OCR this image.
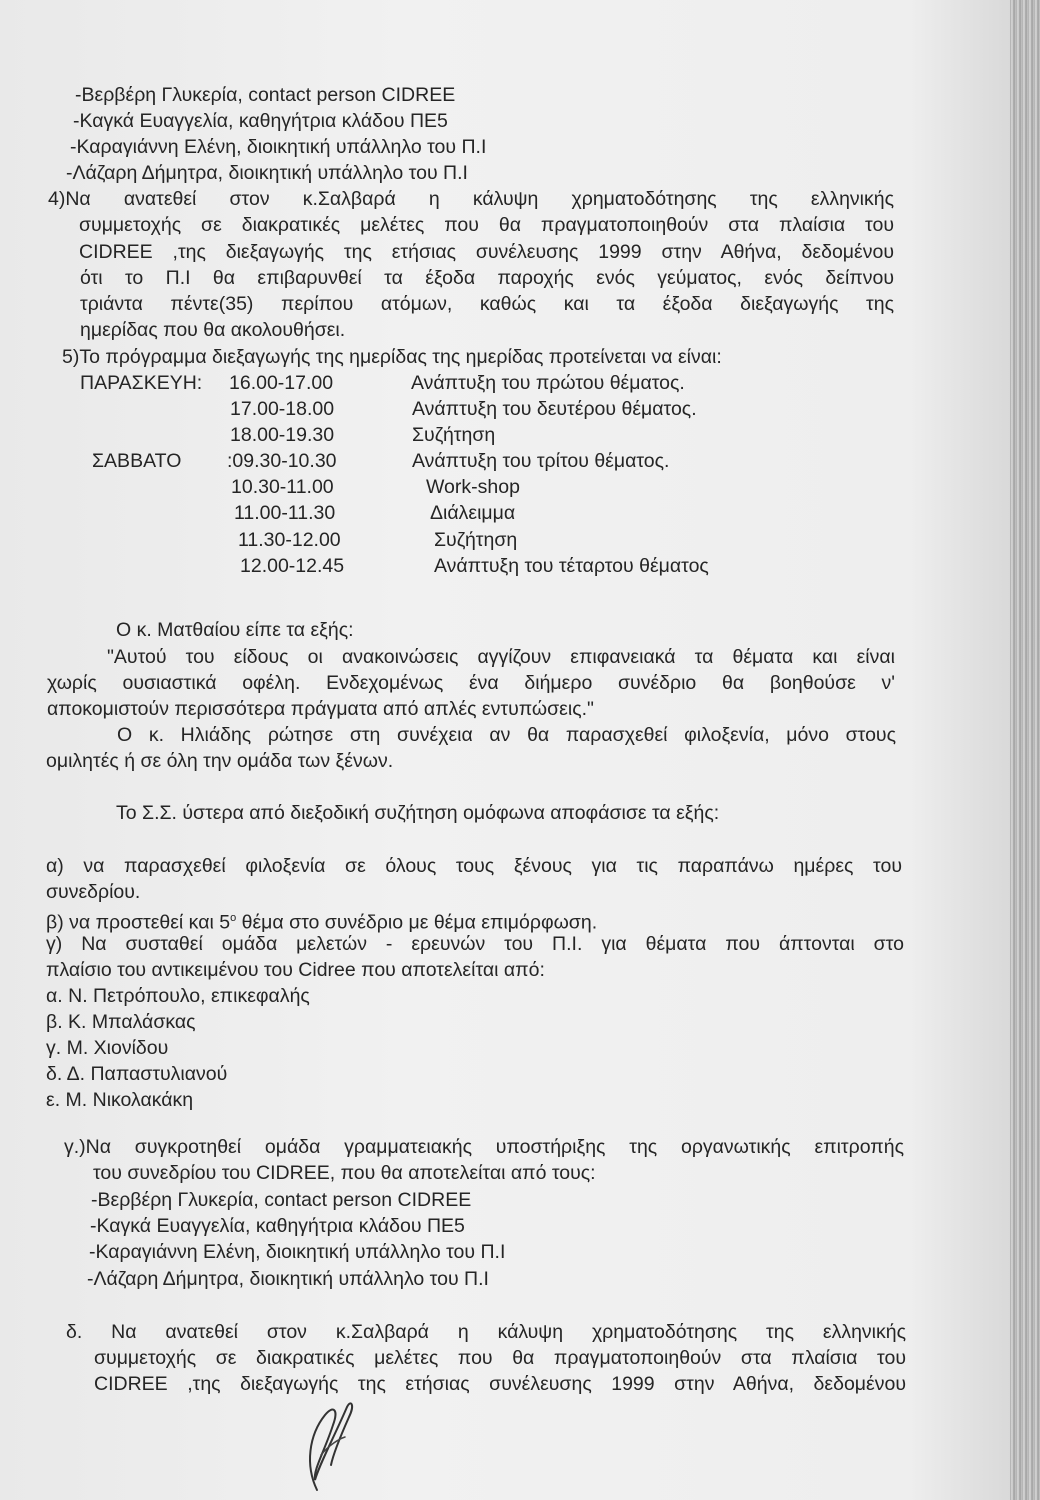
-Βερβέρη Γλυκερία, contact person CIDREE
-Καγκά Ευαγγελία, καθηγήτρια κλάδου ΠΕ5
-Καραγιάννη Ελένη, διοικητική υπάλληλο του Π.Ι
-Λάζαρη Δήμητρα, διοικητική υπάλληλο του Π.Ι
4)Να ανατεθεί στον κ.Σαλβαρά η κάλυψη χρηματοδότησης της ελληνικής
συμμετοχής σε διακρατικές μελέτες που θα πραγματοποιηθούν στα πλαίσια του
CIDREE ,της διεξαγωγής της ετήσιας συνέλευσης 1999 στην Αθήνα, δεδομένου
ότι το Π.Ι θα επιβαρυνθεί τα έξοδα παροχής ενός γεύματος, ενός δείπνου
τριάντα πέντε(35) περίπου ατόμων, καθώς και τα έξοδα διεξαγωγής της
ημερίδας που θα ακολουθήσει.
5)Το πρόγραμμα διεξαγωγής της ημερίδας της ημερίδας προτείνεται να είναι:
ΠΑΡΑΣΚΕΥΗ: 16.00-17.00	Ανάπτυξη του πρώτου θέματος.
17.00-18.00	Ανάπτυξη του δευτέρου θέματος.
18.00-19.30	Συζήτηση
ΣΑΒΒΑΤΟ :09.30-10.30	Ανάπτυξη του τρίτου θέματος.
10.30-11.00	Work-shop
11.00-11.30	Διάλειμμα
11.30-12.00	Συζήτηση
12.00-12.45	Ανάπτυξη του τέταρτου θέματος
Ο κ. Ματθαίου είπε τα εξής:
"Αυτού του είδους οι ανακοινώσεις αγγίζουν επιφανειακά τα θέματα και είναι
χωρίς ουσιαστικά οφέλη. Ενδεχομένως ένα διήμερο συνέδριο θα βοηθούσε ν'
αποκομιστούν περισσότερα πράγματα από απλές εντυπώσεις."
Ο κ. Ηλιάδης ρώτησε στη συνέχεια αν θα παρασχεθεί φιλοξενία, μόνο στους
ομιλητές ή σε όλη την ομάδα των ξένων.
Το Σ.Σ. ύστερα από διεξοδική συζήτηση ομόφωνα αποφάσισε τα εξής:
α) να παρασχεθεί φιλοξενία σε όλους τους ξένους για τις παραπάνω ημέρες του
συνεδρίου.
β) να προστεθεί και $5^o$ θέμα στο συνέδριο με θέμα επιμόρφωση.
γ) Να συσταθεί ομάδα μελετών - ερευνών του Π.Ι. για θέματα που άπτονται στο
πλαίσιο του αντικειμένου του Cidree που αποτελείται από:
α. Ν. Πετρόπουλο, επικεφαλής
β. Κ. Μπαλάσκας
γ. Μ. Χιονίδου
δ. Δ. Παπαστυλιανού
ε. Μ. Νικολακάκη
γ.)Να συγκροτηθεί ομάδα γραμματειακής υποστήριξης της οργανωτικής επιτροπής
του συνεδρίου του CIDREE, που θα αποτελείται από τους:
-Βερβέρη Γλυκερία, contact person CIDREE
-Καγκά Ευαγγελία, καθηγήτρια κλάδου ΠΕ5
-Καραγιάννη Ελένη, διοικητική υπάλληλο του Π.Ι
-Λάζαρη Δήμητρα, διοικητική υπάλληλο του Π.Ι
δ. Να ανατεθεί στον κ.Σαλβαρά η κάλυψη χρηματοδότησης της ελληνικής
συμμετοχής σε διακρατικές μελέτες που θα πραγματοποιηθούν στα πλαίσια του
CIDREE ,της διεξαγωγής της ετήσιας συνέλευσης 1999 στην Αθήνα, δεδομένου
